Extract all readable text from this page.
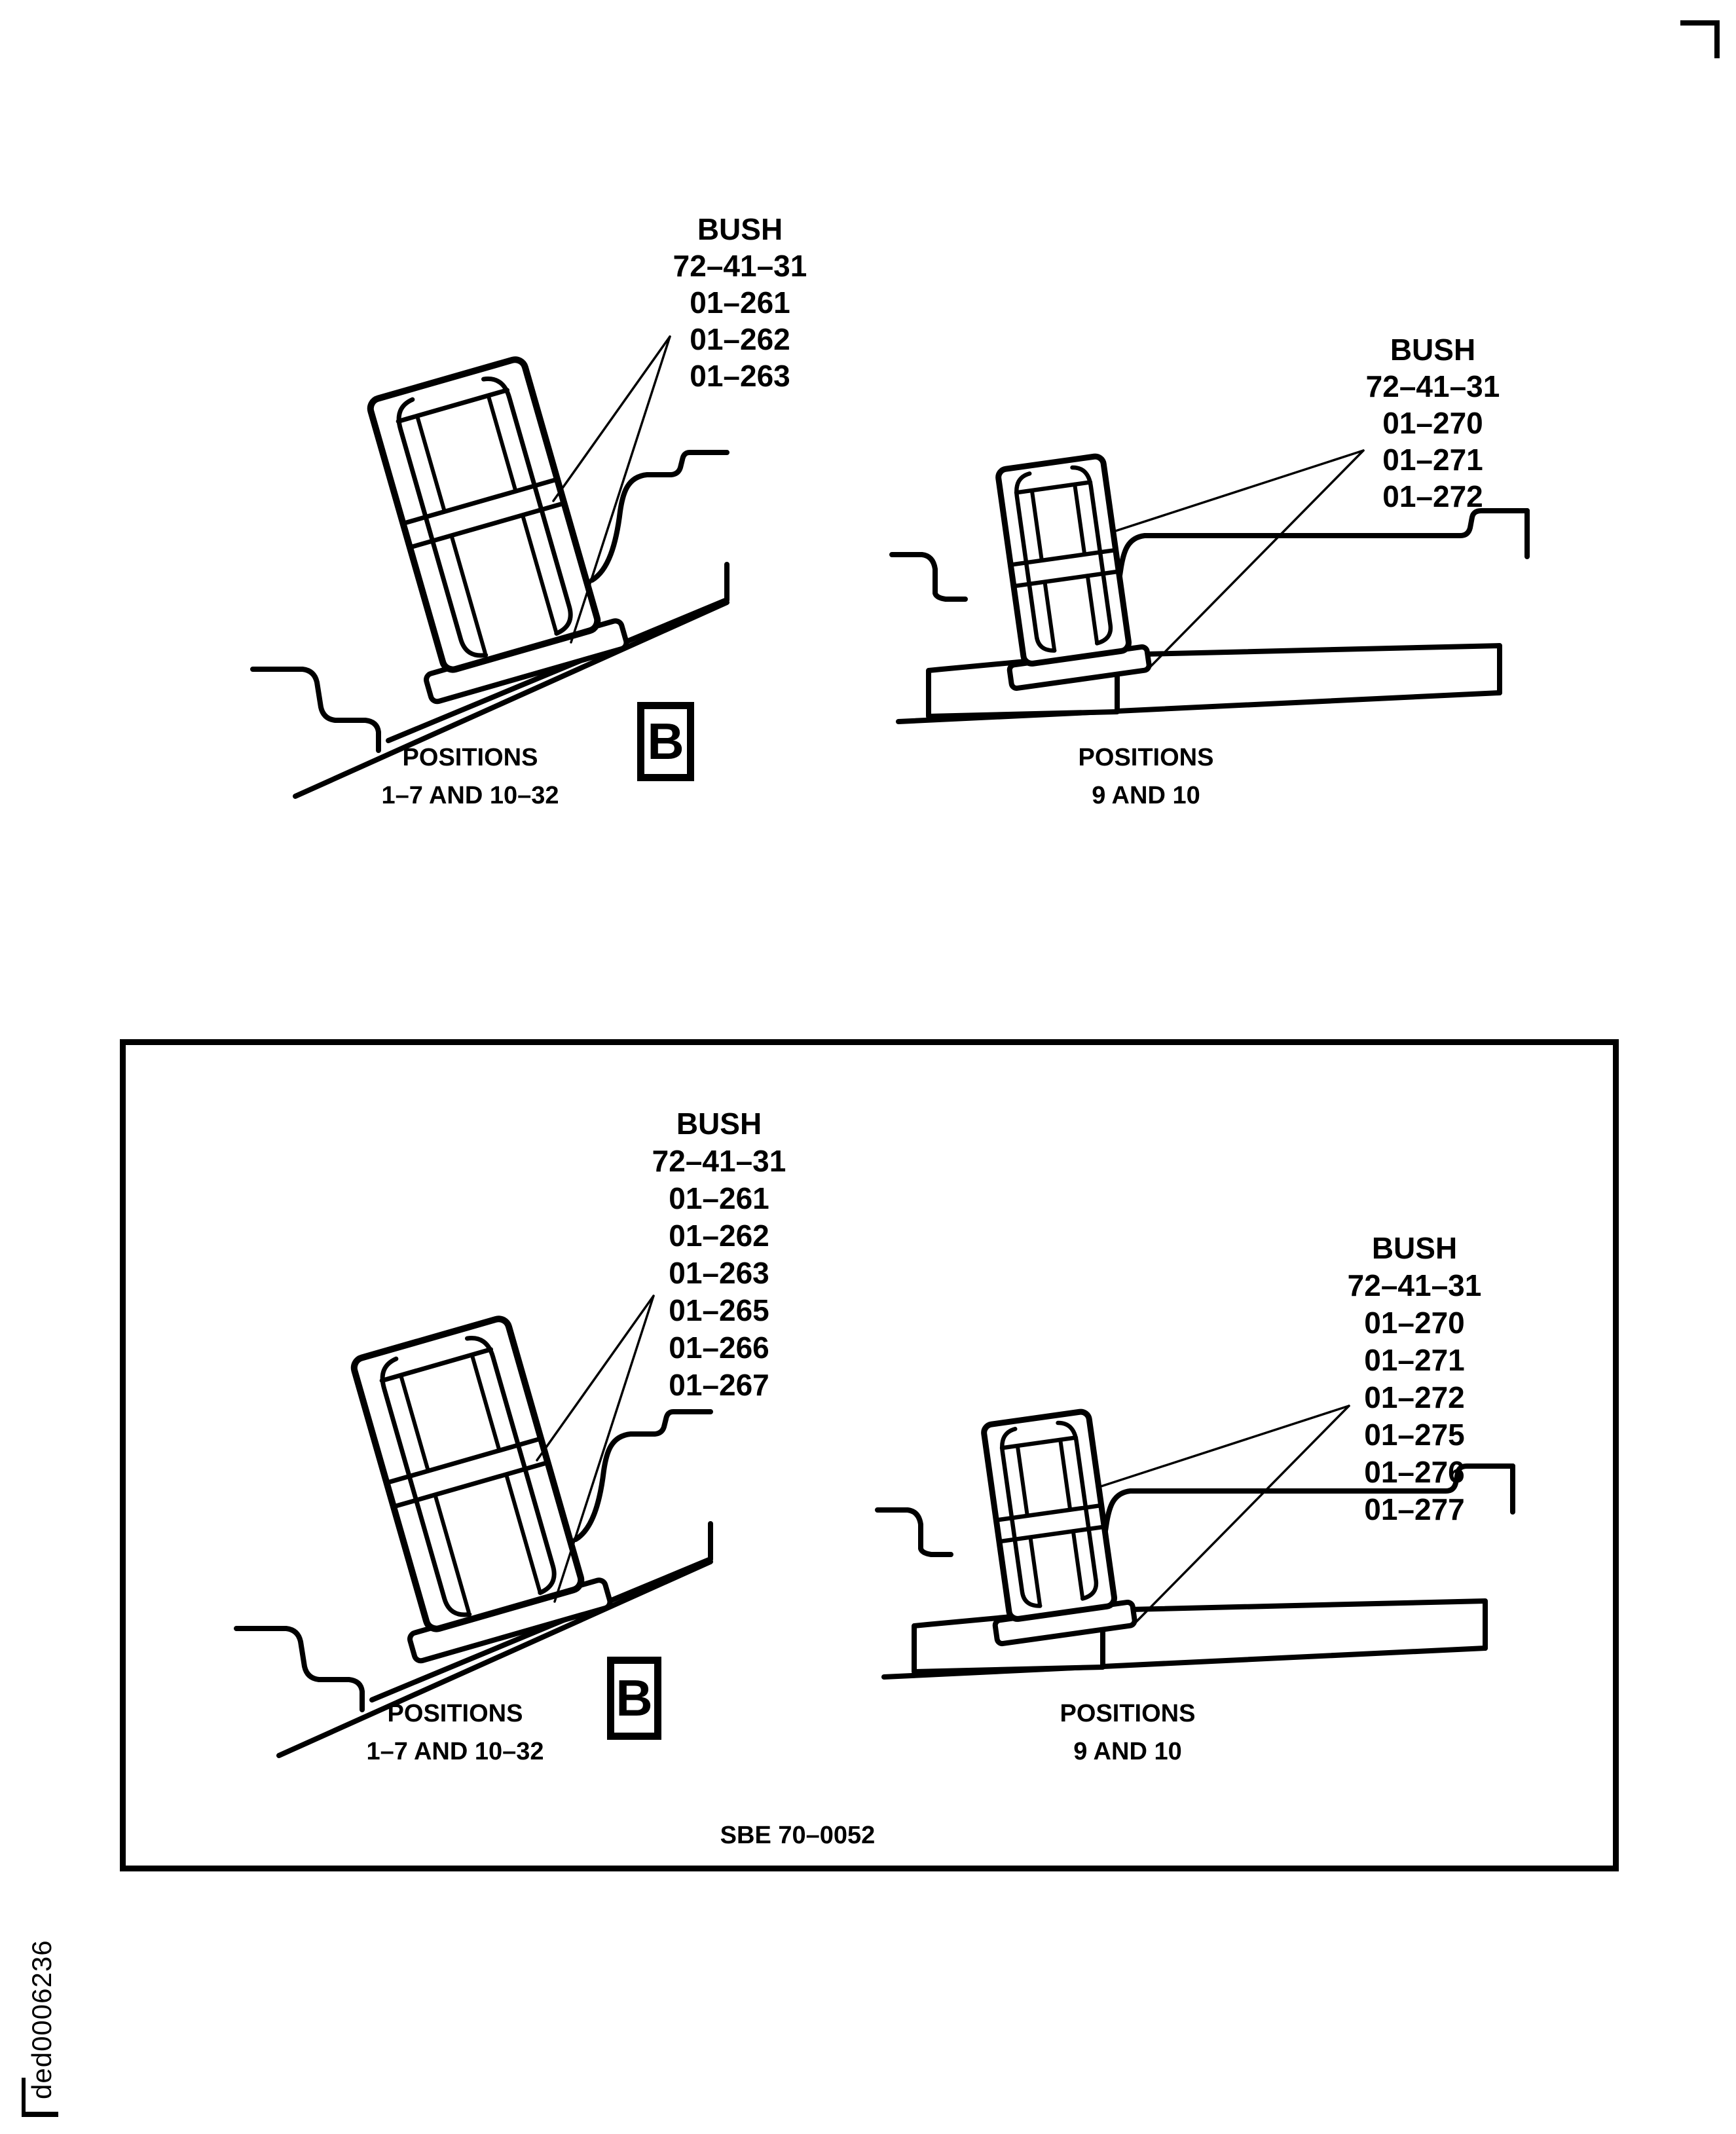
ded0006236
BUSH
72–41–31
01–261
01–262
01–263
BUSH
72–41–31
01–270
01–271
01–272
POSITIONS
1–7 AND 10–32
POSITIONS
9 AND 10
B
BUSH
72–41–31
01–261
01–262
01–263
01–265
01–266
01–267
BUSH
72–41–31
01–270
01–271
01–272
01–275
01–276
01–277
POSITIONS
1–7 AND 10–32
POSITIONS
9 AND 10
B
SBE 70–0052
